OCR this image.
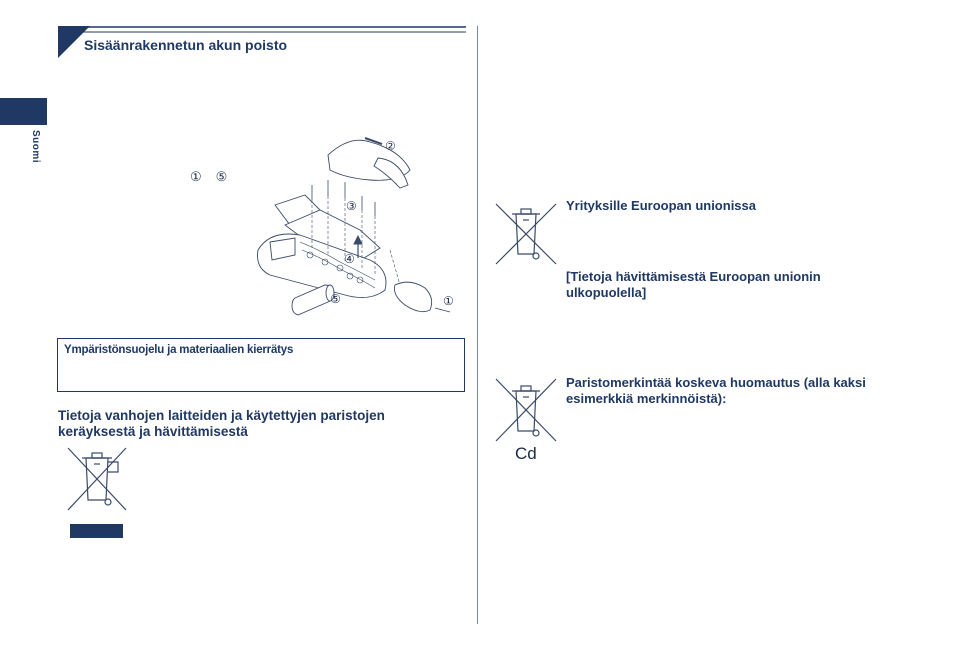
Sisäänrakennetun akun poisto
Suomi
① ⑤
②
③
④
⑤	①
Ympäristönsuojelu ja materiaalien kierrätys
Tietoja vanhojen laitteiden ja käytettyjen paristojen keräyksestä ja hävittämisestä
Yrityksille Euroopan unionissa
[Tietoja hävittämisestä Euroopan unionin ulkopuolella]
Cd
Paristomerkintää koskeva huomautus (alla kaksi esimerkkiä merkinnöistä):
